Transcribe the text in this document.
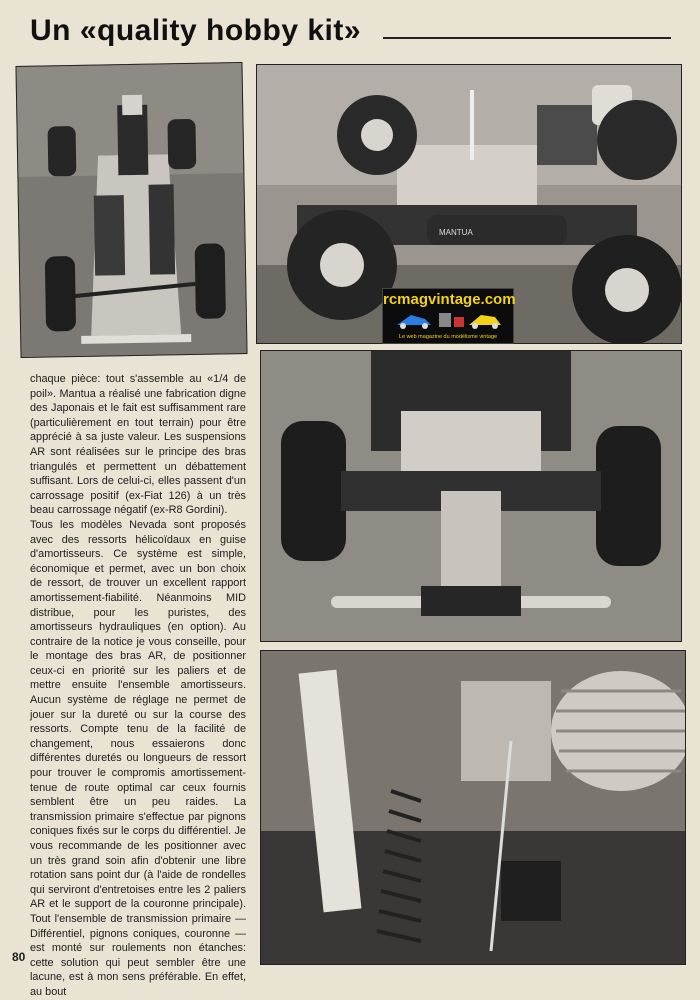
Un «quality hobby kit»
MANTUA
rcmagvintage.com
Le web magazine du modélisme vintage

chaque pièce: tout s'assemble au «1/4 de poil». Mantua a réalisé une fabrication digne des Japonais et le fait est suffisamment rare (particulièrement en tout terrain) pour être apprécié à sa juste valeur. Les suspensions AR sont réalisées sur le principe des bras triangulés et permettent un débattement suffisant. Lors de celui-ci, elles passent d'un carrossage positif (ex-Fiat 126) à un très beau carrossage négatif (ex-R8 Gordini).

Tous les modèles Nevada sont proposés avec des ressorts hélicoïdaux en guise d'amortisseurs. Ce système est simple, économique et permet, avec un bon choix de ressort, de trouver un excellent rapport amortissement-fiabilité. Néanmoins MID distribue, pour les puristes, des amortisseurs hydrauliques (en option). Au contraire de la notice je vous conseille, pour le montage des bras AR, de positionner ceux-ci en priorité sur les paliers et de mettre ensuite l'ensemble amortisseurs. Aucun système de réglage ne permet de jouer sur la dureté ou sur la course des ressorts. Compte tenu de la facilité de changement, nous essaierons donc différentes duretés ou longueurs de ressort pour trouver le compromis amortissement-tenue de route optimal car ceux fournis semblent être un peu raides. La transmission primaire s'effectue par pignons coniques fixés sur le corps du différentiel. Je vous recommande de les positionner avec un très grand soin afin d'obtenir une libre rotation sans point dur (à l'aide de rondelles qui serviront d'entretoises entre les 2 paliers AR et le support de la couronne principale). Tout l'ensemble de transmission primaire — Différentiel, pignons coniques, couronne — est monté sur roulements non étanches: cette solution qui peut sembler être une lacune, est à mon sens préférable. En effet, au bout

80
